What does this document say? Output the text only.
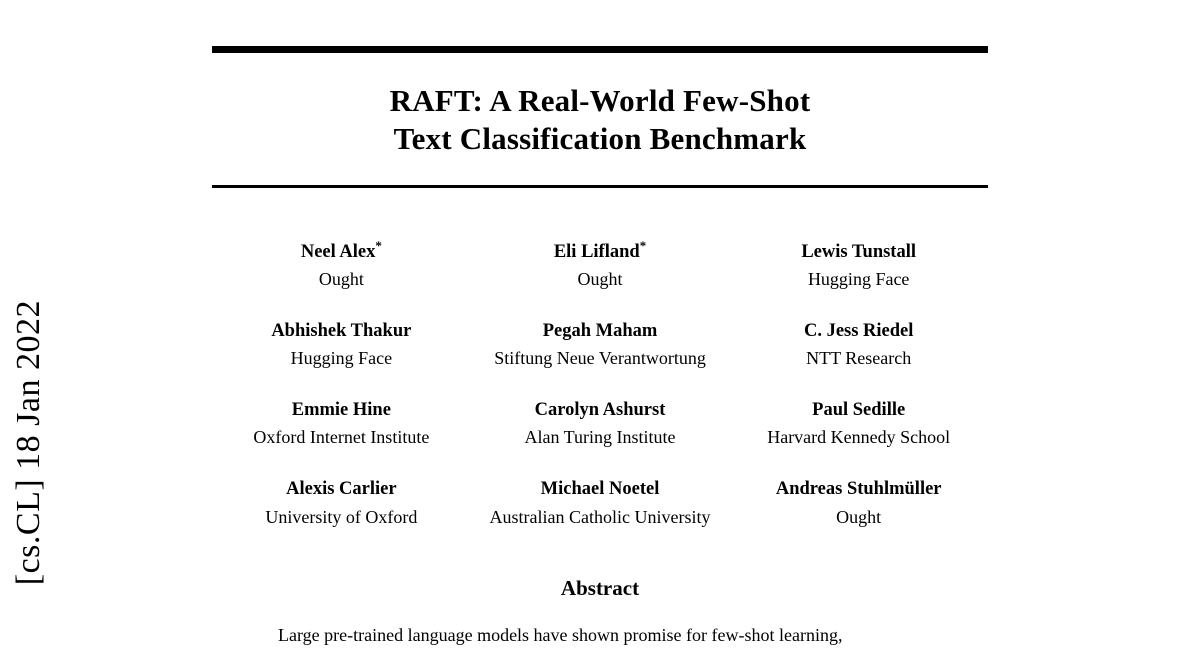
[cs.CL] 18 Jan 2022
RAFT: A Real-World Few-Shot
Text Classification Benchmark
Neel Alex*
Ought
Eli Lifland*
Ought
Lewis Tunstall
Hugging Face
Abhishek Thakur
Hugging Face
Pegah Maham
Stiftung Neue Verantwortung
C. Jess Riedel
NTT Research
Emmie Hine
Oxford Internet Institute
Carolyn Ashurst
Alan Turing Institute
Paul Sedille
Harvard Kennedy School
Alexis Carlier
University of Oxford
Michael Noetel
Australian Catholic University
Andreas Stuhlmüller
Ought
Abstract
Large pre-trained language models have shown promise for few-shot learning,
